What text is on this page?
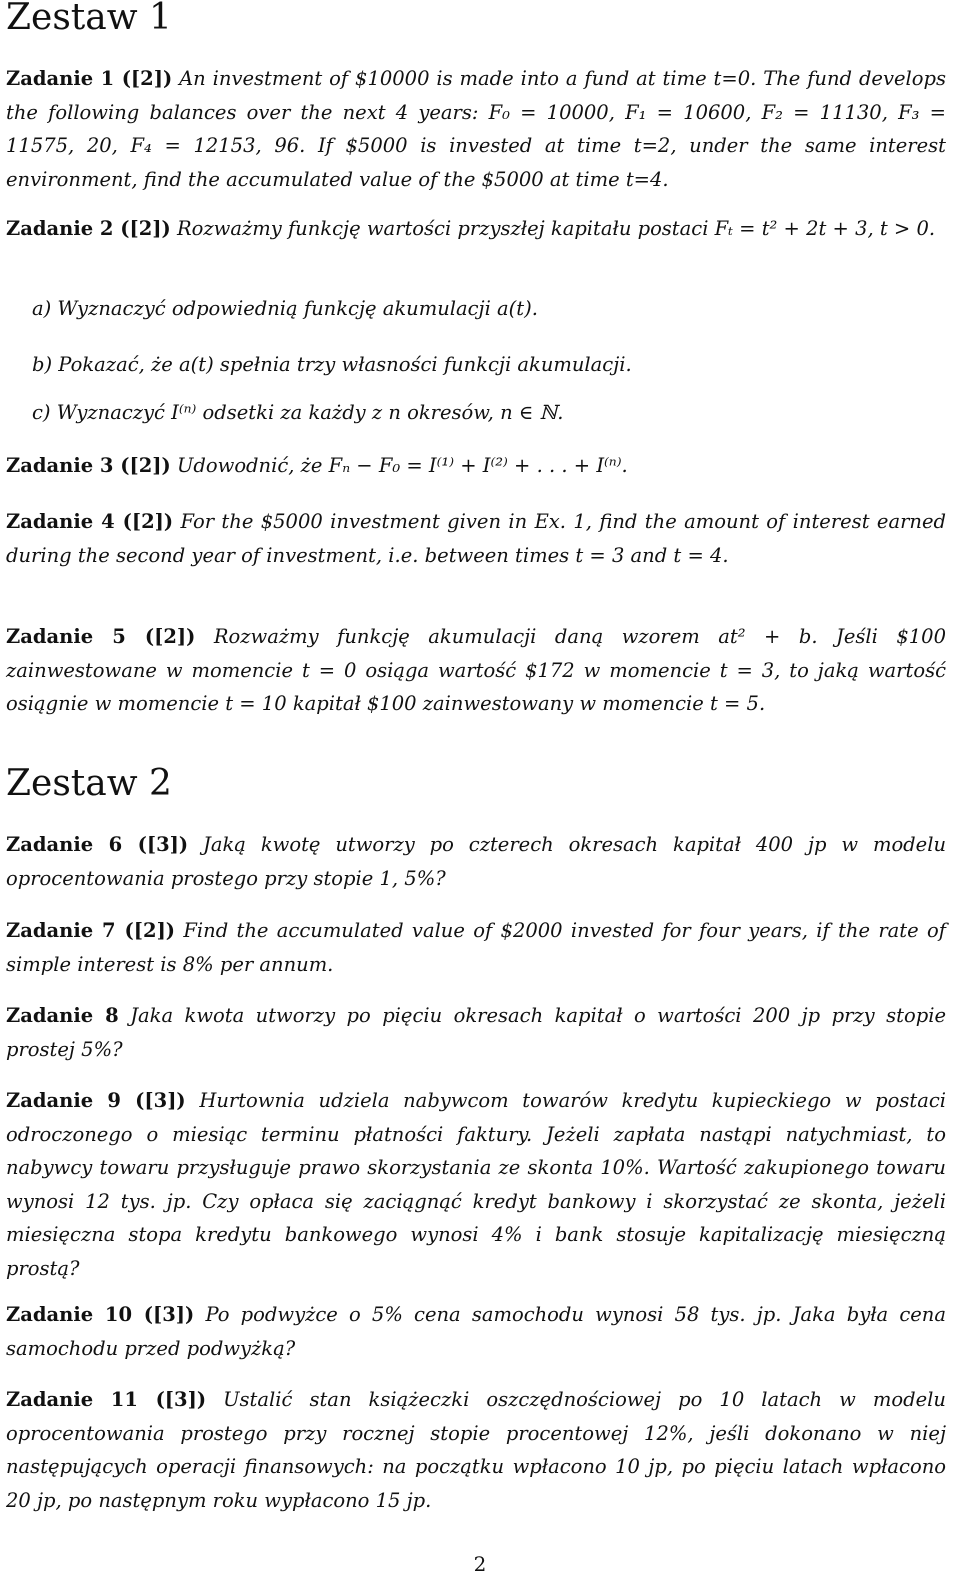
Zestaw 1

Zadanie 1 ([2]) An investment of $10000 is made into a fund at time t=0. The fund develops the following balances over the next 4 years: F₀ = 10000, F₁ = 10600, F₂ = 11130, F₃ = 11575, 20, F₄ = 12153, 96. If $5000 is invested at time t=2, under the same interest environment, find the accumulated value of the $5000 at time t=4.

Zadanie 2 ([2]) Rozważmy funkcję wartości przyszłej kapitału postaci Fₜ = t² + 2t + 3, t > 0.

a) Wyznaczyć odpowiednią funkcję akumulacji a(t).

b) Pokazać, że a(t) spełnia trzy własności funkcji akumulacji.

c) Wyznaczyć I⁽ⁿ⁾ odsetki za każdy z n okresów, n ∈ ℕ.

Zadanie 3 ([2]) Udowodnić, że Fₙ − F₀ = I⁽¹⁾ + I⁽²⁾ + . . . + I⁽ⁿ⁾.

Zadanie 4 ([2]) For the $5000 investment given in Ex. 1, find the amount of interest earned during the second year of investment, i.e. between times t = 3 and t = 4.

Zadanie 5 ([2]) Rozważmy funkcję akumulacji daną wzorem at² + b. Jeśli $100 zainwestowane w momencie t = 0 osiąga wartość $172 w momencie t = 3, to jaką wartość osiągnie w momencie t = 10 kapitał $100 zainwestowany w momencie t = 5.

Zestaw 2

Zadanie 6 ([3]) Jaką kwotę utworzy po czterech okresach kapitał 400 jp w modelu oprocentowania prostego przy stopie 1, 5%?

Zadanie 7 ([2]) Find the accumulated value of $2000 invested for four years, if the rate of simple interest is 8% per annum.

Zadanie 8 Jaka kwota utworzy po pięciu okresach kapitał o wartości 200 jp przy stopie prostej 5%?

Zadanie 9 ([3]) Hurtownia udziela nabywcom towarów kredytu kupieckiego w postaci odroczonego o miesiąc terminu płatności faktury. Jeżeli zapłata nastąpi natychmiast, to nabywcy towaru przysługuje prawo skorzystania ze skonta 10%. Wartość zakupionego towaru wynosi 12 tys. jp. Czy opłaca się zaciągnąć kredyt bankowy i skorzystać ze skonta, jeżeli miesięczna stopa kredytu bankowego wynosi 4% i bank stosuje kapitalizację miesięczną prostą?

Zadanie 10 ([3]) Po podwyżce o 5% cena samochodu wynosi 58 tys. jp. Jaka była cena samochodu przed podwyżką?

Zadanie 11 ([3]) Ustalić stan książeczki oszczędnościowej po 10 latach w modelu oprocentowania prostego przy rocznej stopie procentowej 12%, jeśli dokonano w niej następujących operacji finansowych: na początku wpłacono 10 jp, po pięciu latach wpłacono 20 jp, po następnym roku wypłacono 15 jp.

2
